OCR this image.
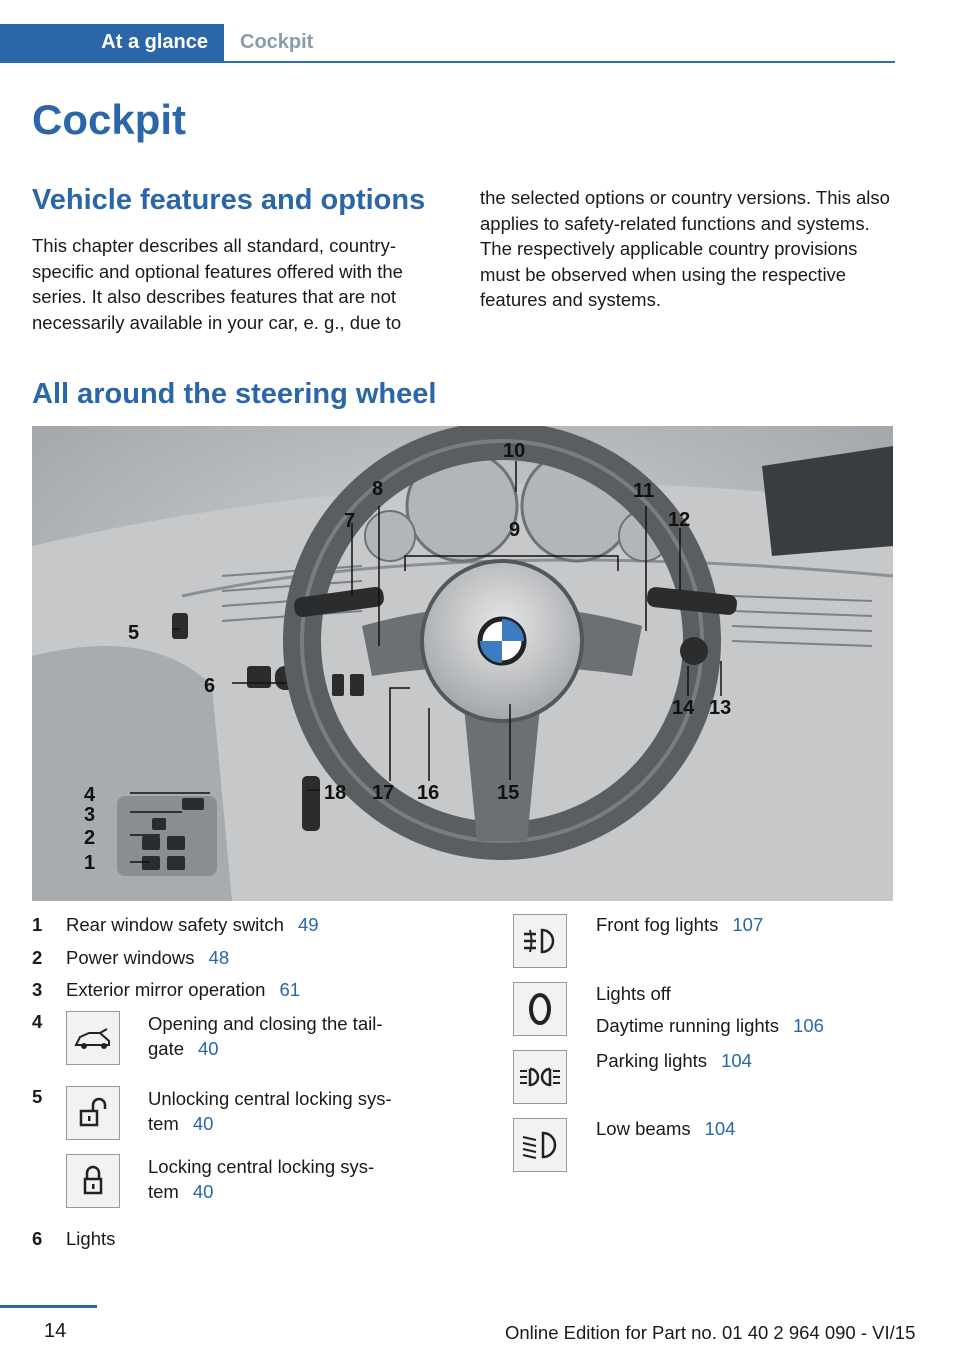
At a glance	Cockpit
Cockpit
Vehicle features and options

This chapter describes all standard, country-specific and optional features offered with the series. It also describes features that are not necessarily available in your car, e. g., due to

the selected options or country versions. This also applies to safety-related functions and systems. The respectively applicable country provisions must be observed when using the respective features and systems.

All around the steering wheel
4
3
2
1
5
6
7
8
9
10
11
12
13
14
15
16
17
18
1 Rear window safety switch 49
2 Power windows 48
3 Exterior mirror operation 61
4	Opening and closing the tail-
gate 40
5	Unlocking central locking sys-
tem 40
Locking central locking sys-
tem 40
6 Lights
Front fog lights 107
Lights off
Daytime running lights 106
Parking lights 104
Low beams 104
14	Online Edition for Part no. 01 40 2 964 090 - VI/15
